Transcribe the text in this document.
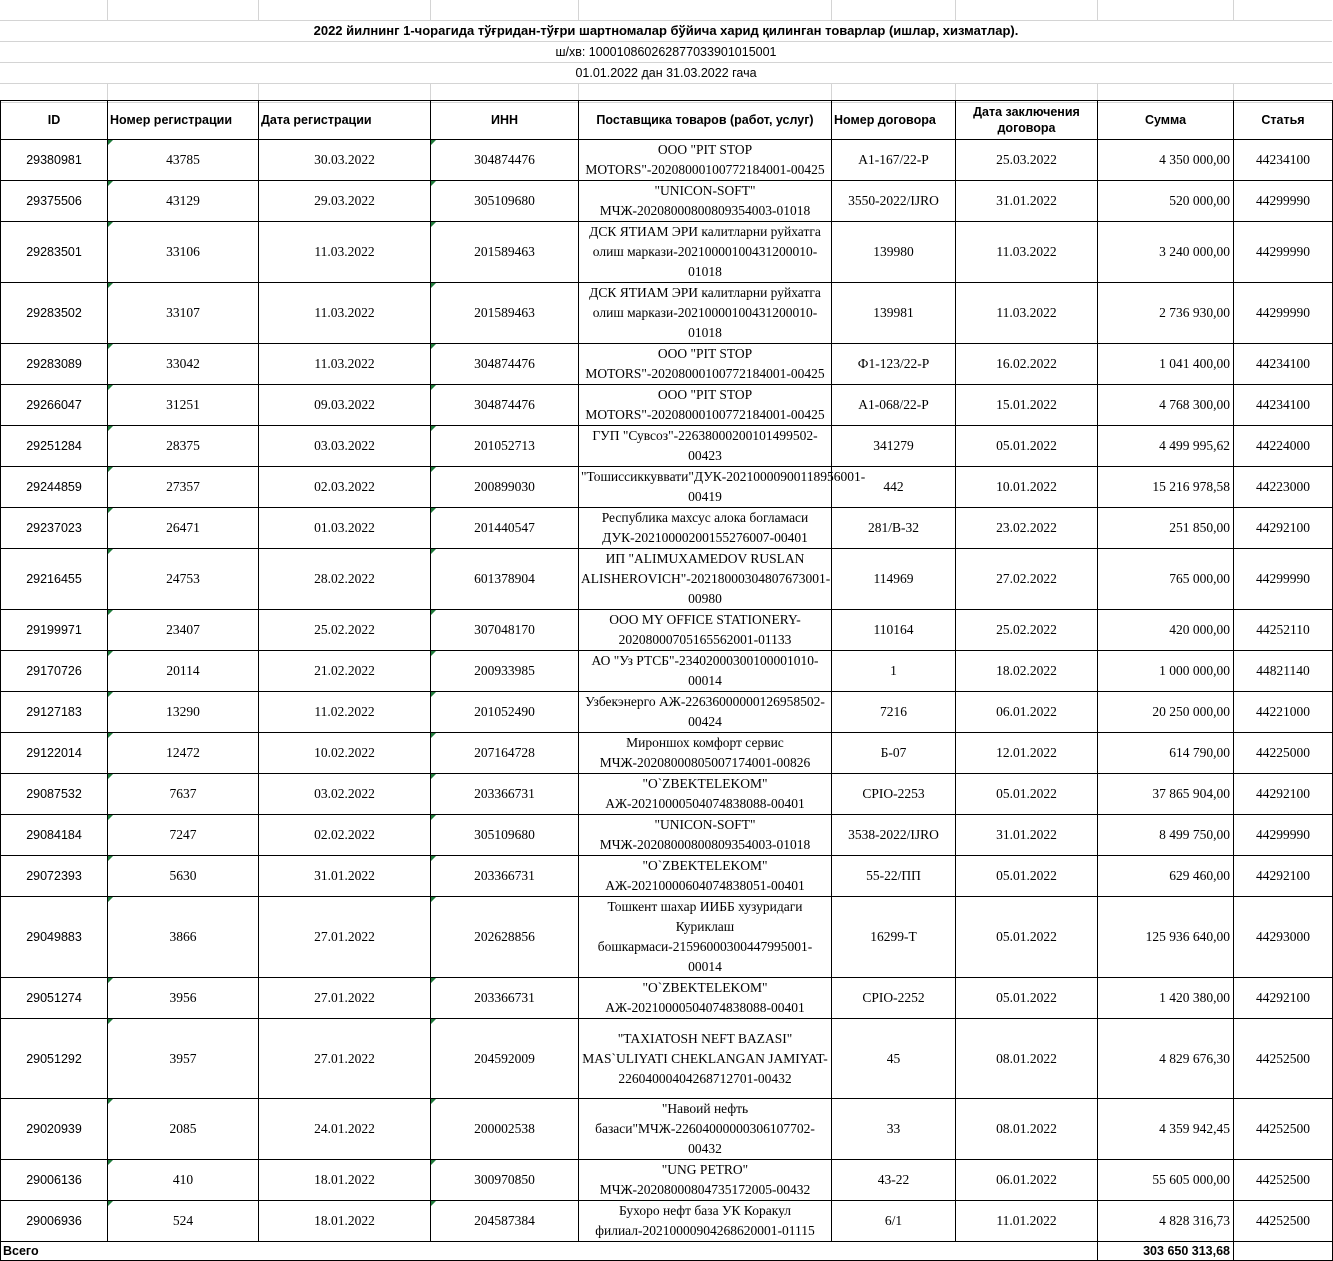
2022 йилнинг 1-чорагида тўғридан-тўғри шартномалар бўйича харид қилинган товарлар (ишлар, хизматлар).
ш/хв: 100010860262877033901015001
01.01.2022 дан 31.03.2022 гача
ID	Номер регистрации	Дата регистрации	ИНН	Поставщика товаров (работ, услуг)	Номер договора	Дата заключения договора	Сумма	Статья
29380981	43785	30.03.2022	304874476	ООО "PIT STOP MOTORS"-20208000100772184001-00425	А1-167/22-Р	25.03.2022	4 350 000,00	44234100
29375506	43129	29.03.2022	305109680	"UNICON-SOFT" МЧЖ-20208000800809354003-01018	3550-2022/IJRO	31.01.2022	520 000,00	44299990
29283501	33106	11.03.2022	201589463	ДСК ЯТИАМ ЭРИ калитларни руйхатга олиш маркази-20210000100431200010-01018	139980	11.03.2022	3 240 000,00	44299990
29283502	33107	11.03.2022	201589463	ДСК ЯТИАМ ЭРИ калитларни руйхатга олиш маркази-20210000100431200010-01018	139981	11.03.2022	2 736 930,00	44299990
29283089	33042	11.03.2022	304874476	ООО "PIT STOP MOTORS"-20208000100772184001-00425	Ф1-123/22-Р	16.02.2022	1 041 400,00	44234100
29266047	31251	09.03.2022	304874476	ООО "PIT STOP MOTORS"-20208000100772184001-00425	А1-068/22-Р	15.01.2022	4 768 300,00	44234100
29251284	28375	03.03.2022	201052713	ГУП "Сувсоз"-22638000200101499502-00423	341279	05.01.2022	4 499 995,62	44224000
29244859	27357	02.03.2022	200899030	"Тошиссиккуввати"ДУК-20210000900118956001-00419	442	10.01.2022	15 216 978,58	44223000
29237023	26471	01.03.2022	201440547	Республика махсус алока богламаси ДУК-20210000200155276007-00401	281/В-32	23.02.2022	251 850,00	44292100
29216455	24753	28.02.2022	601378904	ИП "ALIMUXAMEDOV RUSLAN ALISHEROVICH"-20218000304807673001-00980	114969	27.02.2022	765 000,00	44299990
29199971	23407	25.02.2022	307048170	ООО MY OFFICE STATIONERY-20208000705165562001-01133	110164	25.02.2022	420 000,00	44252110
29170726	20114	21.02.2022	200933985	АО "Уз РТСБ"-23402000300100001010-00014	1	18.02.2022	1 000 000,00	44821140
29127183	13290	11.02.2022	201052490	Узбекэнерго АЖ-22636000000126958502-00424	7216	06.01.2022	20 250 000,00	44221000
29122014	12472	10.02.2022	207164728	Мироншох комфорт сервис МЧЖ-20208000805007174001-00826	Б-07	12.01.2022	614 790,00	44225000
29087532	7637	03.02.2022	203366731	"O`ZBEKTELEKOM" АЖ-20210000504074838088-00401	СPIO-2253	05.01.2022	37 865 904,00	44292100
29084184	7247	02.02.2022	305109680	"UNICON-SOFT" МЧЖ-20208000800809354003-01018	3538-2022/IJRO	31.01.2022	8 499 750,00	44299990
29072393	5630	31.01.2022	203366731	"O`ZBEKTELEKOM" АЖ-20210000604074838051-00401	55-22/ПП	05.01.2022	629 460,00	44292100
29049883	3866	27.01.2022	202628856	Тошкент шахар ИИББ хузуридаги Куриклаш бошкармаси-21596000300447995001-00014	16299-Т	05.01.2022	125 936 640,00	44293000
29051274	3956	27.01.2022	203366731	"O`ZBEKTELEKOM" АЖ-20210000504074838088-00401	СPIO-2252	05.01.2022	1 420 380,00	44292100
29051292	3957	27.01.2022	204592009	"TAXIATOSH NEFT BAZASI" MAS`ULIYATI CHEKLANGAN JAMIYAT-22604000404268712701-00432	45	08.01.2022	4 829 676,30	44252500
29020939	2085	24.01.2022	200002538	"Навоий нефть базаси"МЧЖ-22604000000306107702-00432	33	08.01.2022	4 359 942,45	44252500
29006136	410	18.01.2022	300970850	"UNG PETRO" МЧЖ-20208000804735172005-00432	43-22	06.01.2022	55 605 000,00	44252500
29006936	524	18.01.2022	204587384	Бухоро нефт база УК Коракул филиал-20210000904268620001-01115	6/1	11.01.2022	4 828 316,73	44252500
Всего							303 650 313,68	
